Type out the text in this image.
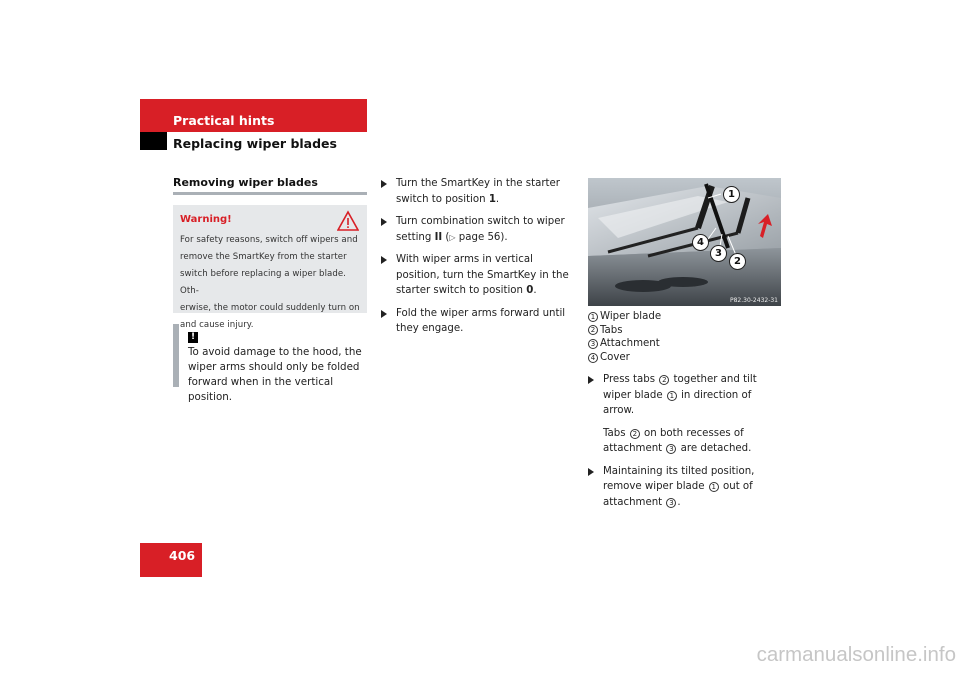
Practical hints
Replacing wiper blades
Removing wiper blades
Warning!
For safety reasons, switch off wipers and
remove the SmartKey from the starter
switch before replacing a wiper blade. Oth-
erwise, the motor could suddenly turn on
and cause injury.
!
To avoid damage to the hood, the wiper arms should only be folded forward when in the vertical position.
Turn the SmartKey in the starter switch to position 1.
Turn combination switch to wiper setting II (▷ page 56).
With wiper arms in vertical position, turn the SmartKey in the starter switch to position 0.
Fold the wiper arms forward until they engage.
1
4
3
2
P82.30-2432-31
1 Wiper blade
2 Tabs
3 Attachment
4 Cover
Press tabs 2 together and tilt wiper blade 1 in direction of arrow.
Tabs 2 on both recesses of attachment 3 are detached.
Maintaining its tilted position, remove wiper blade 1 out of attachment 3 .
406
carmanualsonline.info
